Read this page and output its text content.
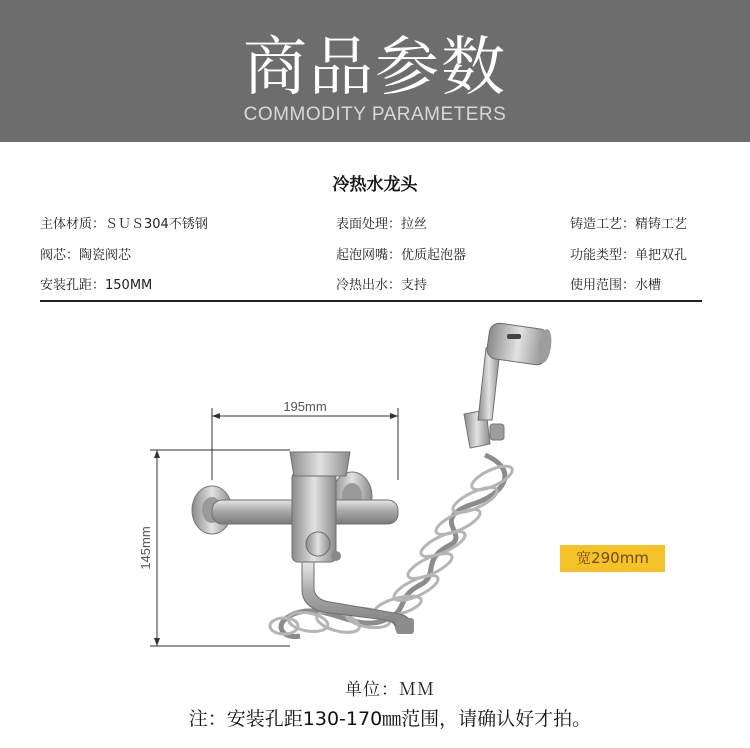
商品参数
COMMODITY PARAMETERS
冷热水龙头
主体材质：ＳＵＳ304不锈钢	表面处理：拉丝	铸造工艺：精铸工艺
阀芯：陶瓷阀芯	起泡网嘴：优质起泡器	功能类型：单把双孔
安装孔距：150MM	冷热出水：支持	使用范围：水槽
195mm
145mm	宽290mm
单位：ＭＭ
注：安装孔距130-170㎜范围，请确认好才拍。
